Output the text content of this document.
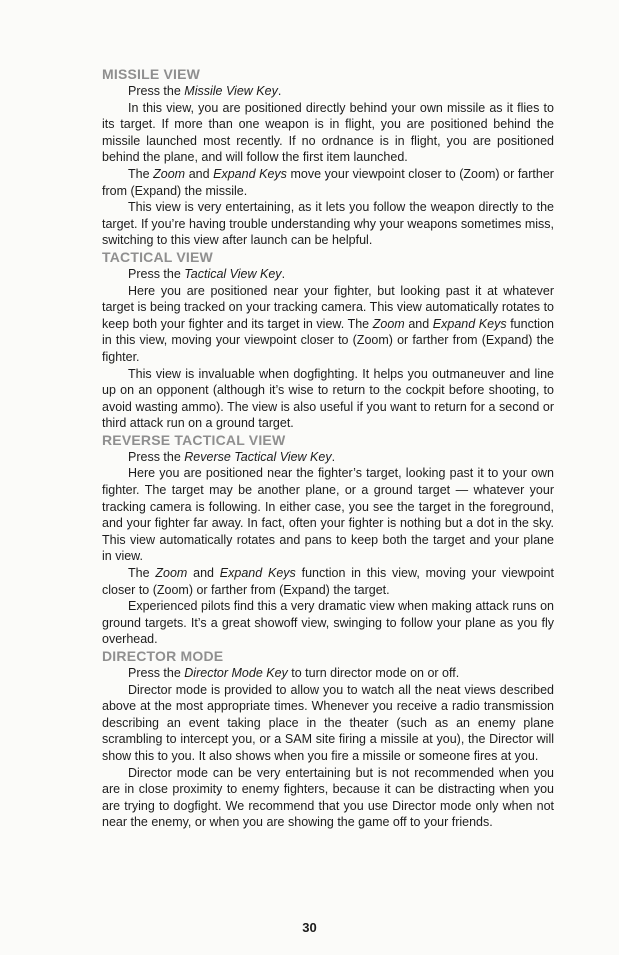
MISSILE VIEW

Press the Missile View Key.

In this view, you are positioned directly behind your own missile as it flies to its target. If more than one weapon is in flight, you are positioned behind the missile launched most recently. If no ordnance is in flight, you are positioned behind the plane, and will follow the first item launched.

The Zoom and Expand Keys move your viewpoint closer to (Zoom) or farther from (Expand) the missile.

This view is very entertaining, as it lets you follow the weapon directly to the target. If you’re having trouble understanding why your weapons sometimes miss, switching to this view after launch can be helpful.

TACTICAL VIEW

Press the Tactical View Key.

Here you are positioned near your fighter, but looking past it at whatever target is being tracked on your tracking camera. This view automatically rotates to keep both your fighter and its target in view. The Zoom and Expand Keys function in this view, moving your viewpoint closer to (Zoom) or farther from (Expand) the fighter.

This view is invaluable when dogfighting. It helps you outmaneuver and line up on an opponent (although it’s wise to return to the cockpit before shooting, to avoid wasting ammo). The view is also useful if you want to return for a second or third attack run on a ground target.

REVERSE TACTICAL VIEW

Press the Reverse Tactical View Key.

Here you are positioned near the fighter’s target, looking past it to your own fighter. The target may be another plane, or a ground target — whatever your tracking camera is following. In either case, you see the target in the foreground, and your fighter far away. In fact, often your fighter is nothing but a dot in the sky. This view automatically rotates and pans to keep both the target and your plane in view.

The Zoom and Expand Keys function in this view, moving your viewpoint closer to (Zoom) or farther from (Expand) the target.

Experienced pilots find this a very dramatic view when making attack runs on ground targets. It’s a great showoff view, swinging to follow your plane as you fly overhead.

DIRECTOR MODE

Press the Director Mode Key to turn director mode on or off.

Director mode is provided to allow you to watch all the neat views described above at the most appropriate times. Whenever you receive a radio transmission describing an event taking place in the theater (such as an enemy plane scrambling to intercept you, or a SAM site firing a missile at you), the Director will show this to you. It also shows when you fire a missile or someone fires at you.

Director mode can be very entertaining but is not recommended when you are in close proximity to enemy fighters, because it can be distracting when you are trying to dogfight. We recommend that you use Director mode only when not near the enemy, or when you are showing the game off to your friends.

30
